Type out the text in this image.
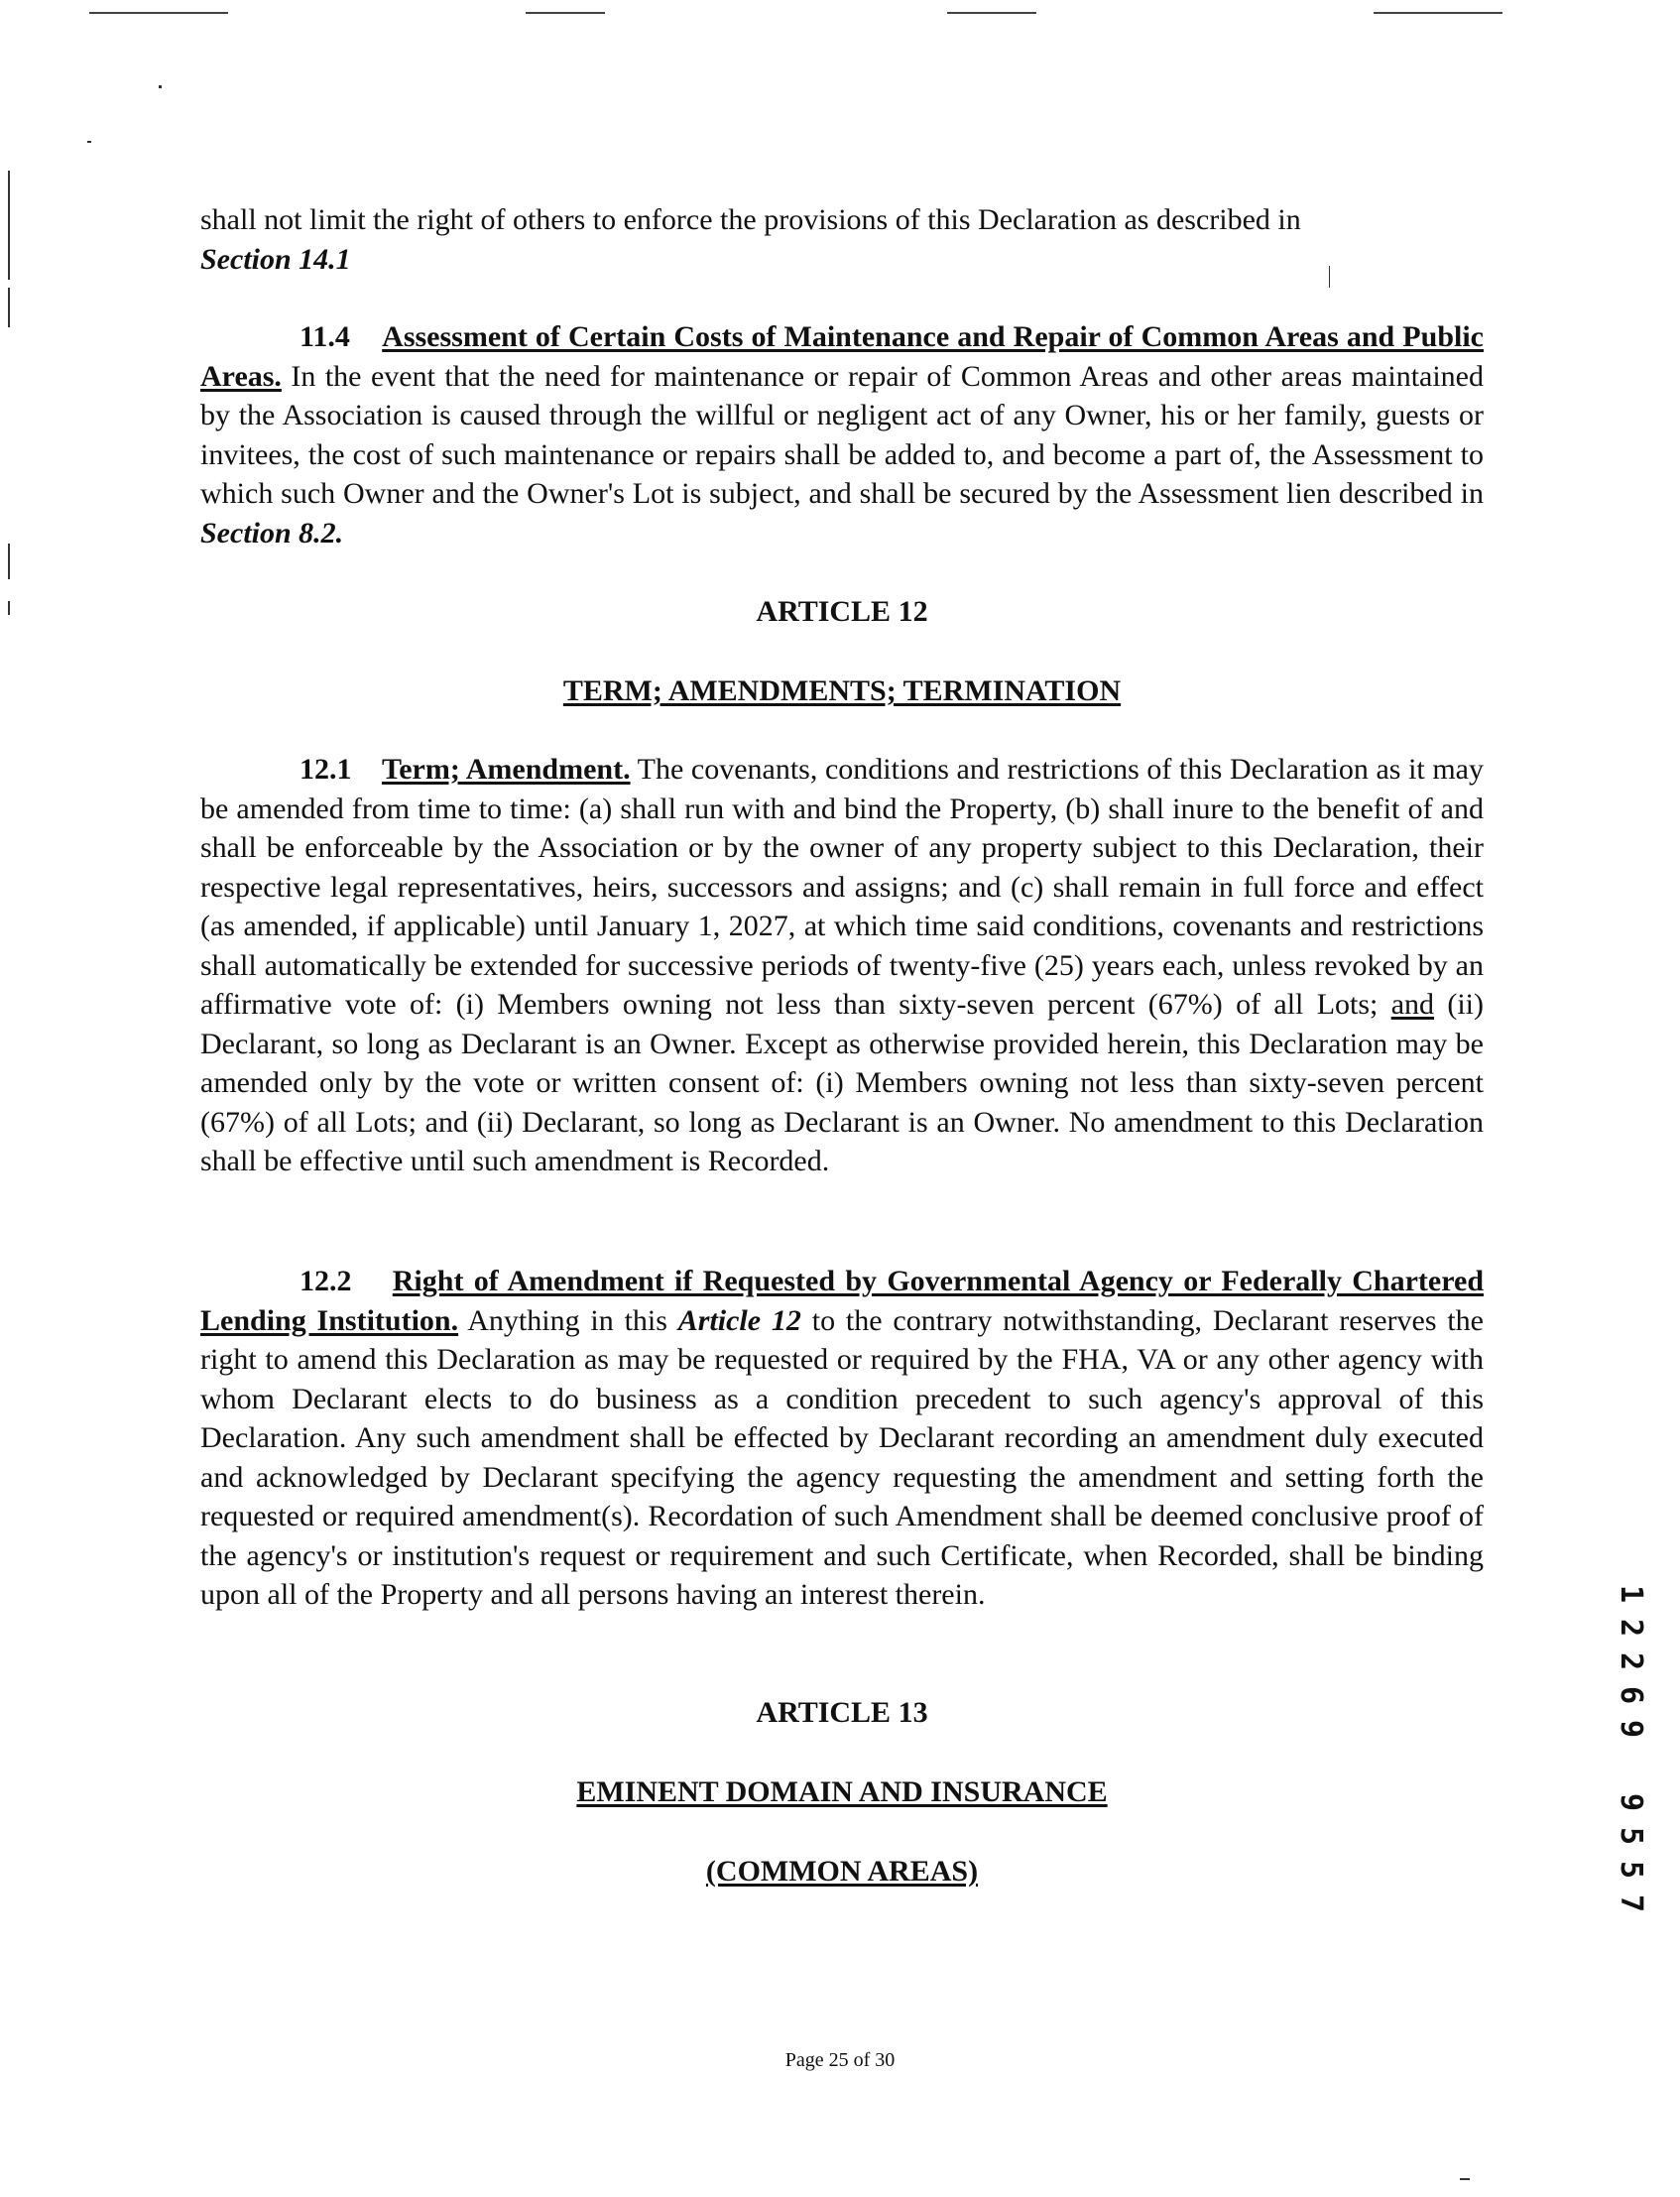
shall not limit the right of others to enforce the provisions of this Declaration as described in
Section 14.1
11.4 Assessment of Certain Costs of Maintenance and Repair of Common Areas and Public Areas. In the event that the need for maintenance or repair of Common Areas and other areas maintained by the Association is caused through the willful or negligent act of any Owner, his or her family, guests or invitees, the cost of such maintenance or repairs shall be added to, and become a part of, the Assessment to which such Owner and the Owner's Lot is subject, and shall be secured by the Assessment lien described in Section 8.2.
ARTICLE 12
TERM; AMENDMENTS; TERMINATION
12.1 Term; Amendment. The covenants, conditions and restrictions of this Declaration as it may be amended from time to time: (a) shall run with and bind the Property, (b) shall inure to the benefit of and shall be enforceable by the Association or by the owner of any property subject to this Declaration, their respective legal representatives, heirs, successors and assigns; and (c) shall remain in full force and effect (as amended, if applicable) until January 1, 2027, at which time said conditions, covenants and restrictions shall automatically be extended for successive periods of twenty-five (25) years each, unless revoked by an affirmative vote of: (i) Members owning not less than sixty-seven percent (67%) of all Lots; and (ii) Declarant, so long as Declarant is an Owner. Except as otherwise provided herein, this Declaration may be amended only by the vote or written consent of: (i) Members owning not less than sixty-seven percent (67%) of all Lots; and (ii) Declarant, so long as Declarant is an Owner. No amendment to this Declaration shall be effective until such amendment is Recorded.
12.2 Right of Amendment if Requested by Governmental Agency or Federally Chartered Lending Institution. Anything in this Article 12 to the contrary notwithstanding, Declarant reserves the right to amend this Declaration as may be requested or required by the FHA, VA or any other agency with whom Declarant elects to do business as a condition precedent to such agency's approval of this Declaration. Any such amendment shall be effected by Declarant recording an amendment duly executed and acknowledged by Declarant specifying the agency requesting the amendment and setting forth the requested or required amendment(s). Recordation of such Amendment shall be deemed conclusive proof of the agency's or institution's request or requirement and such Certificate, when Recorded, shall be binding upon all of the Property and all persons having an interest therein.
ARTICLE 13
EMINENT DOMAIN AND INSURANCE
(COMMON AREAS)
1
2
2
6
9
9
5
5
7
Page 25 of 30
